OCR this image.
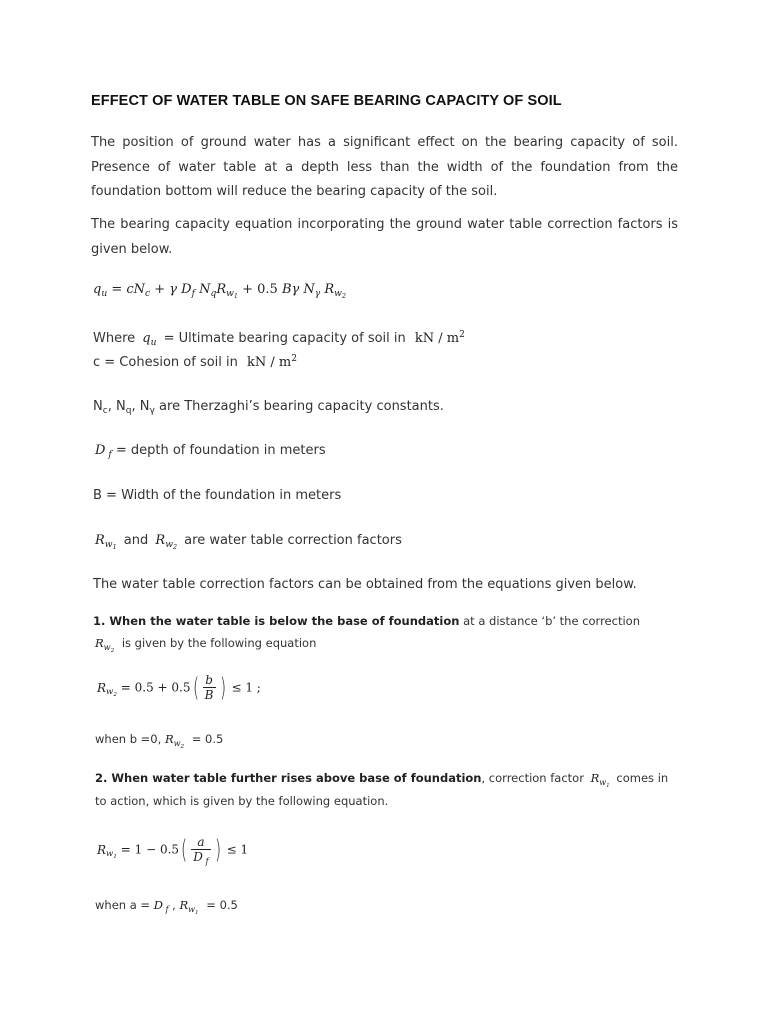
EFFECT OF WATER TABLE ON SAFE BEARING CAPACITY OF SOIL
The position of ground water has a significant effect on the bearing capacity of soil. Presence of water table at a depth less than the width of the foundation from the foundation bottom will reduce the bearing capacity of the soil.
The bearing capacity equation incorporating the ground water table correction factors is given below.
$q_u = cN_c + \gamma$ $D_f$ $N_qR_{w_1} + 0.5$ Bγ $N_\gamma$ $R_{w_2}$
Where $q_u$ = Ultimate bearing capacity of soil in kN / $m^2$
c = Cohesion of soil in kN / $m^2$
$N_c$, $N_q$, $N_\gamma$ are Therzaghi’s bearing capacity constants.
D $_f$ = depth of foundation in meters
B = Width of the foundation in meters
$R_{w_1}$ and $R_{w_2}$ are water table correction factors
The water table correction factors can be obtained from the equations given below.
1. When the water table is below the base of foundation at a distance ‘b’ the correction
$R_{w_2}$ is given by the following equation
$R_{w_2} = 0.5 + 0.5( \frac{b}{B}$ ) ≤ 1 ;
when b =0, $R_{w_2} = 0.5$
2. When water table further rises above base of foundation, correction factor $R_{w_1}$ comes in
to action, which is given by the following equation.
$R_{w_1} = 1 - 0.5( \frac{a}{D _f}$ ) ≤ 1
when a = D $_f$ , $R_{w_1} = 0.5$
